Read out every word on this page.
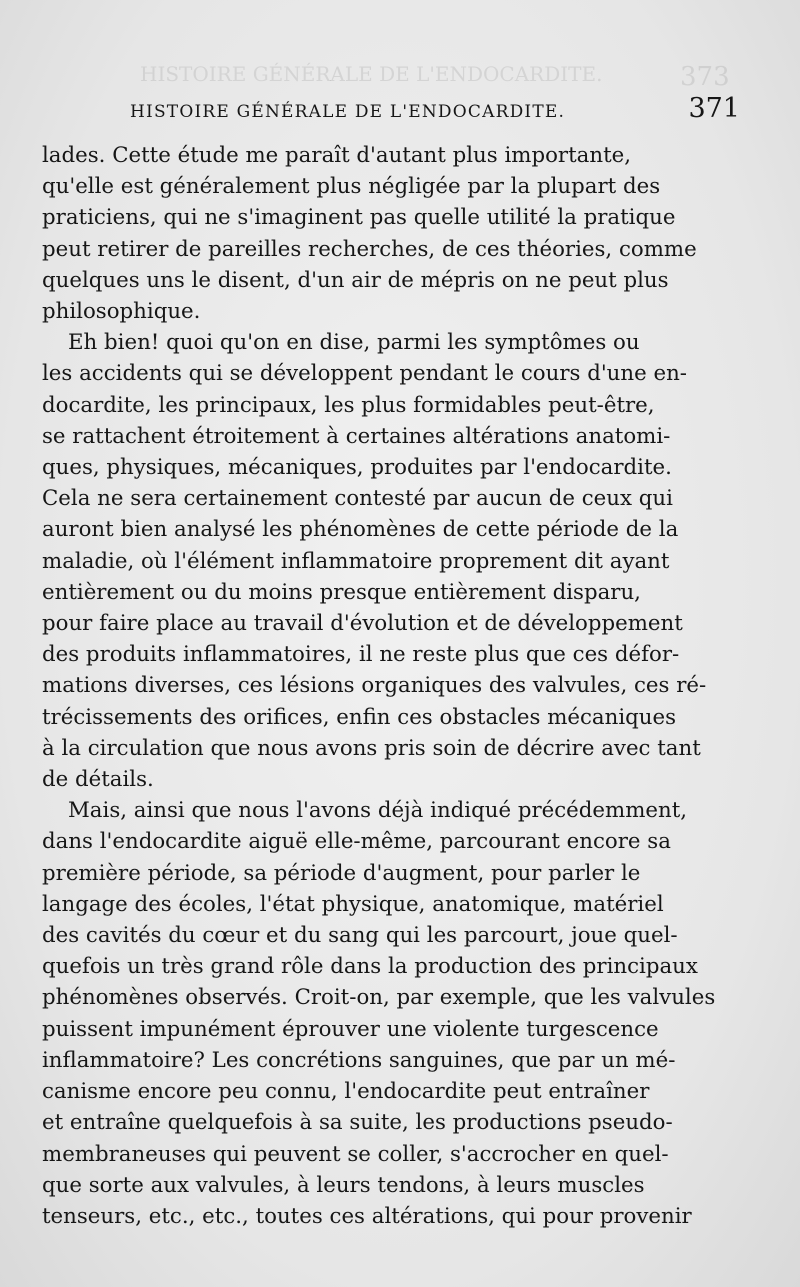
HISTOIRE GÉNÉRALE DE L'ENDOCARDITE.	373
HISTOIRE GÉNÉRALE DE L'ENDOCARDITE.	371

lades. Cette étude me paraît d'autant plus importante,
qu'elle est généralement plus négligée par la plupart des
praticiens, qui ne s'imaginent pas quelle utilité la pratique
peut retirer de pareilles recherches, de ces théories, comme
quelques uns le disent, d'un air de mépris on ne peut plus
philosophique.

Eh bien! quoi qu'on en dise, parmi les symptômes ou
les accidents qui se développent pendant le cours d'une en-
docardite, les principaux, les plus formidables peut-être,
se rattachent étroitement à certaines altérations anatomi-
ques, physiques, mécaniques, produites par l'endocardite.
Cela ne sera certainement contesté par aucun de ceux qui
auront bien analysé les phénomènes de cette période de la
maladie, où l'élément inflammatoire proprement dit ayant
entièrement ou du moins presque entièrement disparu,
pour faire place au travail d'évolution et de développement
des produits inflammatoires, il ne reste plus que ces défor-
mations diverses, ces lésions organiques des valvules, ces ré-
trécissements des orifices, enfin ces obstacles mécaniques
à la circulation que nous avons pris soin de décrire avec tant
de détails.

Mais, ainsi que nous l'avons déjà indiqué précédemment,
dans l'endocardite aiguë elle-même, parcourant encore sa
première période, sa période d'augment, pour parler le
langage des écoles, l'état physique, anatomique, matériel
des cavités du cœur et du sang qui les parcourt, joue quel-
quefois un très grand rôle dans la production des principaux
phénomènes observés. Croit-on, par exemple, que les valvules
puissent impunément éprouver une violente turgescence
inflammatoire? Les concrétions sanguines, que par un mé-
canisme encore peu connu, l'endocardite peut entraîner
et entraîne quelquefois à sa suite, les productions pseudo-
membraneuses qui peuvent se coller, s'accrocher en quel-
que sorte aux valvules, à leurs tendons, à leurs muscles
tenseurs, etc., etc., toutes ces altérations, qui pour provenir
